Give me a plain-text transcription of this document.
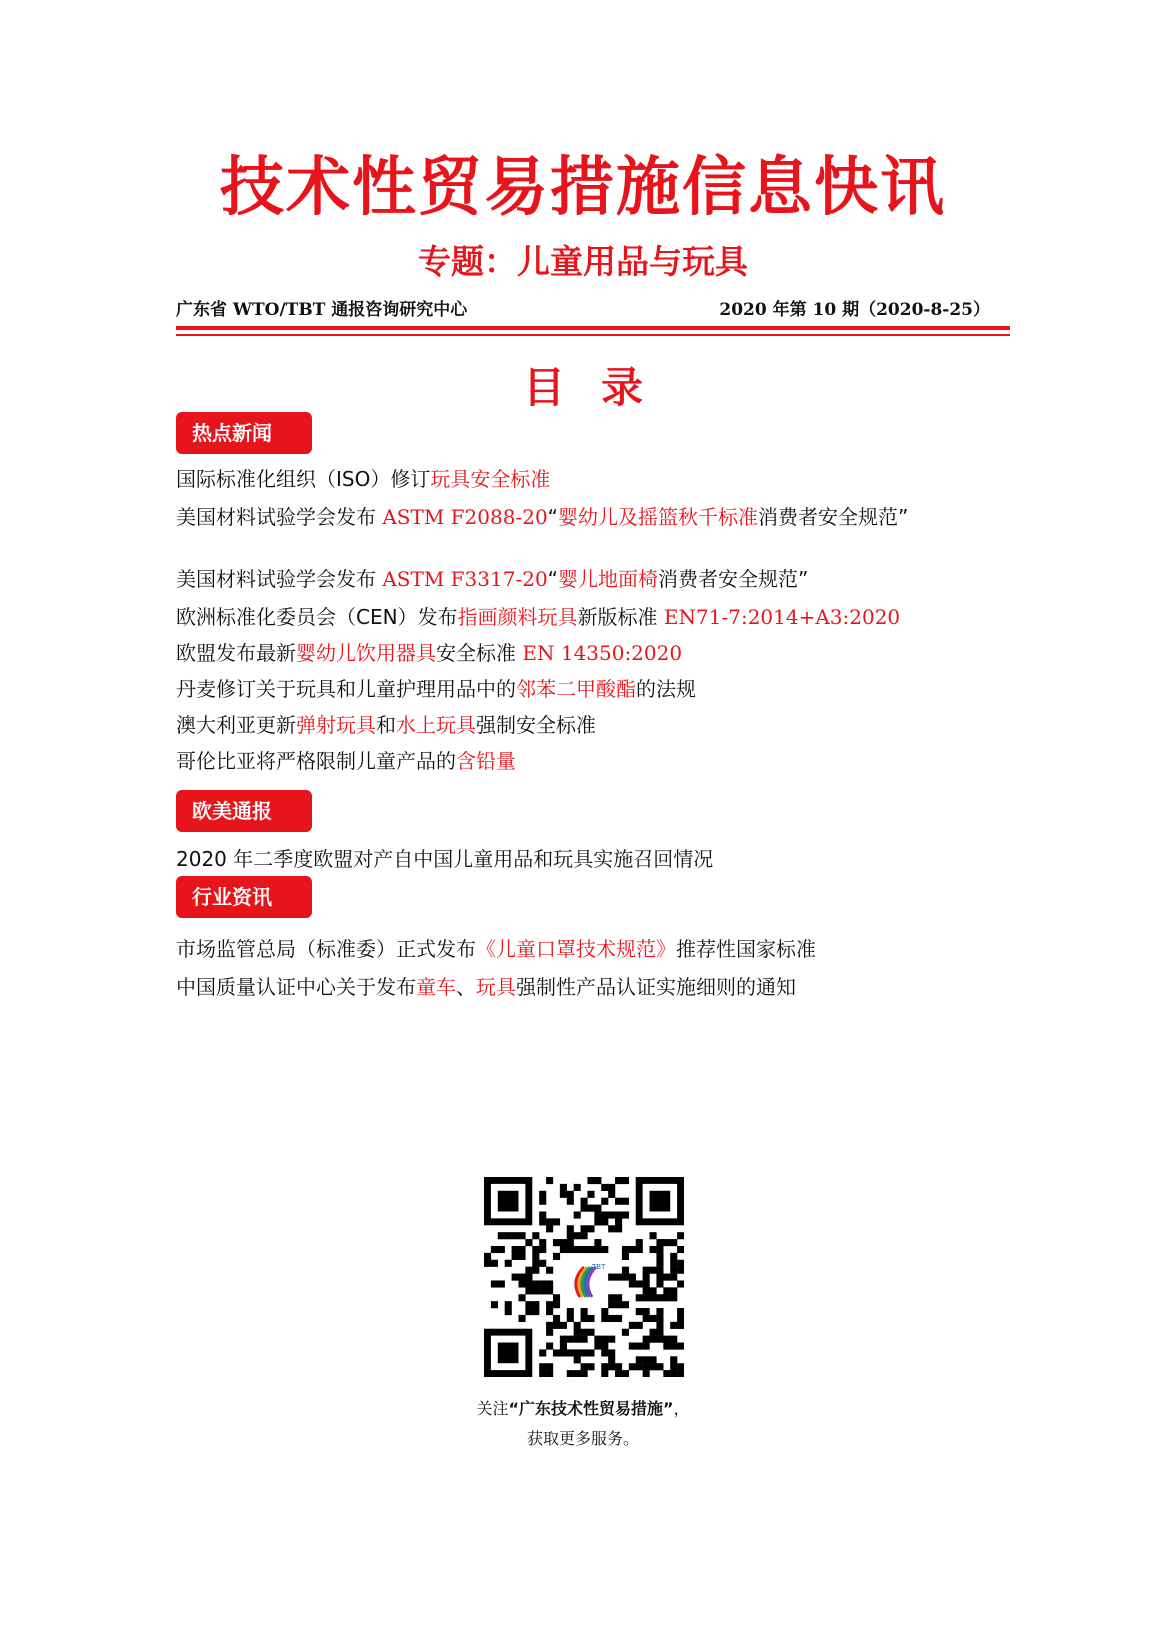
技术性贸易措施信息快讯
专题：儿童用品与玩具
广东省 WTO/TBT 通报咨询研究中心	2020 年第 10 期（2020-8-25）
目录
热点新闻
国际标准化组织（ISO）修订玩具安全标准
美国材料试验学会发布 ASTM F2088-20“婴幼儿及摇篮秋千标准消费者安全规范”
美国材料试验学会发布 ASTM F3317-20“婴儿地面椅消费者安全规范”
欧洲标准化委员会（CEN）发布指画颜料玩具新版标准 EN71-7:2014+A3:2020
欧盟发布最新婴幼儿饮用器具安全标准 EN 14350:2020
丹麦修订关于玩具和儿童护理用品中的邻苯二甲酸酯的法规
澳大利亚更新弹射玩具和水上玩具强制安全标准
哥伦比亚将严格限制儿童产品的含铅量
欧美通报
2020 年二季度欧盟对产自中国儿童用品和玩具实施召回情况
行业资讯
市场监管总局（标准委）正式发布《儿童口罩技术规范》推荐性国家标准
中国质量认证中心关于发布童车、玩具强制性产品认证实施细则的通知
TBT
关注“广东技术性贸易措施”，
获取更多服务。
